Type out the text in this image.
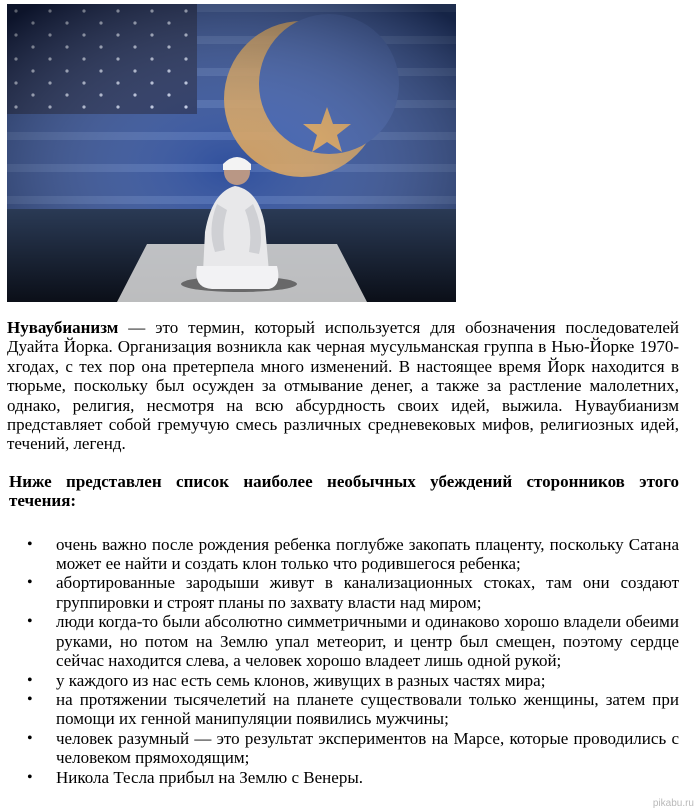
Нуваубианизм — это термин, который используется для обозначения последователей Дуайта Йорка. Организация возникла как черная мусульманская группа в Нью-Йорке 1970-хгодах, с тех пор она претерпела много изменений. В настоящее время Йорк находится в тюрьме, поскольку был осужден за отмывание денег, а также за растление малолетних, однако, религия, несмотря на всю абсурдность своих идей, выжила. Нуваубианизм представляет собой гремучую смесь различных средневековых мифов, религиозных идей, течений, легенд.

Ниже представлен список наиболее необычных убеждений сторонников этого течения:

• очень важно после рождения ребенка поглубже закопать плаценту, поскольку Сатана может ее найти и создать клон только что родившегося ребенка;
• абортированные зародыши живут в канализационных стоках, там они создают группировки и строят планы по захвату власти над миром;
• люди когда-то были абсолютно симметричными и одинаково хорошо владели обеими руками, но потом на Землю упал метеорит, и центр был смещен, поэтому сердце сейчас находится слева, а человек хорошо владеет лишь одной рукой;
• у каждого из нас есть семь клонов, живущих в разных частях мира;
• на протяжении тысячелетий на планете существовали только женщины, затем при помощи их генной манипуляции появились мужчины;
• человек разумный — это результат экспериментов на Марсе, которые проводились с человеком прямоходящим;
• Никола Тесла прибыл на Землю с Венеры.
pikabu.ru
